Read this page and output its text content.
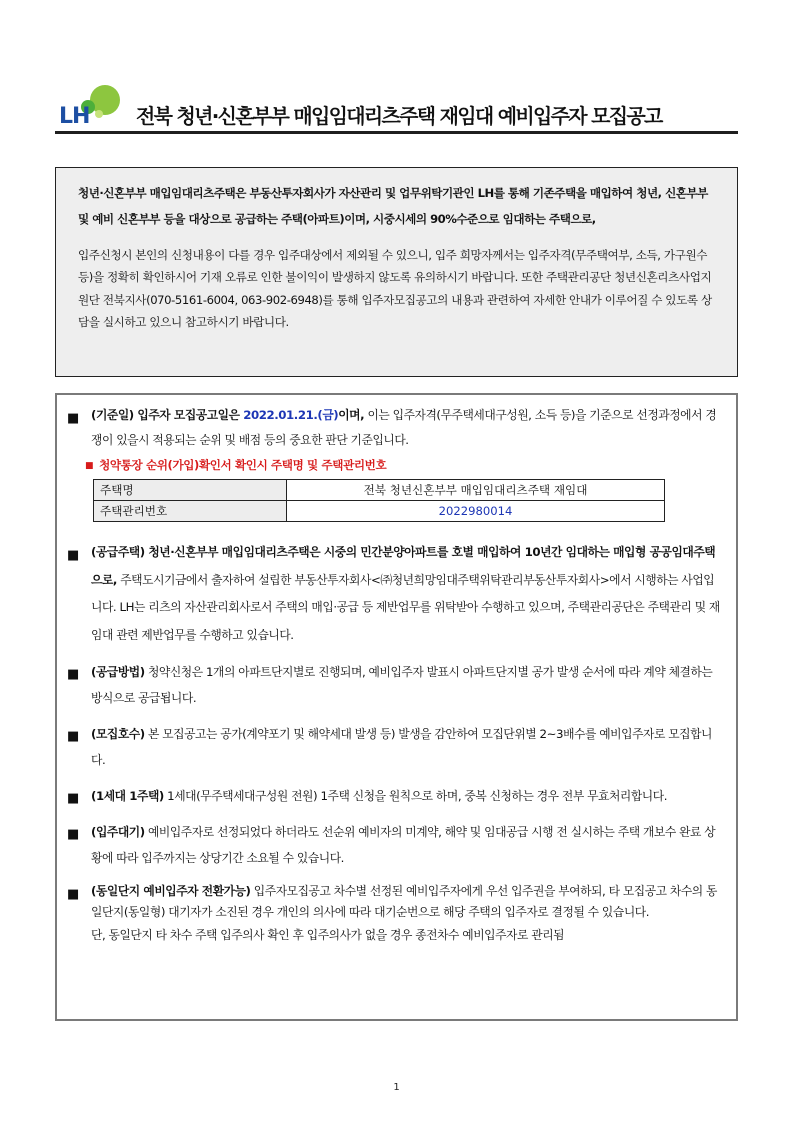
LH 전북 청년·신혼부부 매입임대리츠주택 재임대 예비입주자 모집공고

청년·신혼부부 매입임대리츠주택은 부동산투자회사가 자산관리 및 업무위탁기관인 LH를 통해 기존주택을 매입하여 청년, 신혼부부 및 예비 신혼부부 등을 대상으로 공급하는 주택(아파트)이며, 시중시세의 90%수준으로 임대하는 주택으로,

입주신청시 본인의 신청내용이 다를 경우 입주대상에서 제외될 수 있으니, 입주 희망자께서는 입주자격(무주택여부, 소득, 가구원수 등)을 정확히 확인하시어 기재 오류로 인한 불이익이 발생하지 않도록 유의하시기 바랍니다. 또한 주택관리공단 청년신혼리츠사업지원단 전북지사(070-5161-6004, 063-902-6948)를 통해 입주자모집공고의 내용과 관련하여 자세한 안내가 이루어질 수 있도록 상담을 실시하고 있으니 참고하시기 바랍니다.

■ (기준일) 입주자 모집공고일은 2022.01.21.(금)이며, 이는 입주자격(무주택세대구성원, 소득 등)을 기준으로 선정과정에서 경쟁이 있을시 적용되는 순위 및 배점 등의 중요한 판단 기준입니다.
■ 청약통장 순위(가입)확인서 확인시 주택명 및 주택관리번호
주택명	전북 청년신혼부부 매입임대리츠주택 재임대
주택관리번호	2022980014
■ (공급주택) 청년·신혼부부 매입임대리츠주택은 시중의 민간분양아파트를 호별 매입하여 10년간 임대하는 매입형 공공임대주택으로, 주택도시기금에서 출자하여 설립한 부동산투자회사<㈜청년희망임대주택위탁관리부동산투자회사>에서 시행하는 사업입니다. LH는 리츠의 자산관리회사로서 주택의 매입·공급 등 제반업무를 위탁받아 수행하고 있으며, 주택관리공단은 주택관리 및 재임대 관련 제반업무를 수행하고 있습니다.
■ (공급방법) 청약신청은 1개의 아파트단지별로 진행되며, 예비입주자 발표시 아파트단지별 공가 발생 순서에 따라 계약 체결하는 방식으로 공급됩니다.
■ (모집호수) 본 모집공고는 공가(계약포기 및 해약세대 발생 등) 발생을 감안하여 모집단위별 2~3배수를 예비입주자로 모집합니다.
■ (1세대 1주택) 1세대(무주택세대구성원 전원) 1주택 신청을 원칙으로 하며, 중복 신청하는 경우 전부 무효처리합니다.
■ (입주대기) 예비입주자로 선정되었다 하더라도 선순위 예비자의 미계약, 해약 및 임대공급 시행 전 실시하는 주택 개보수 완료 상황에 따라 입주까지는 상당기간 소요될 수 있습니다.
■ (동일단지 예비입주자 전환가능) 입주자모집공고 차수별 선정된 예비입주자에게 우선 입주권을 부여하되, 타 모집공고 차수의 동일단지(동일형) 대기자가 소진된 경우 개인의 의사에 따라 대기순번으로 해당 주택의 입주자로 결정될 수 있습니다.
단, 동일단지 타 차수 주택 입주의사 확인 후 입주의사가 없을 경우 종전차수 예비입주자로 관리됨
1
